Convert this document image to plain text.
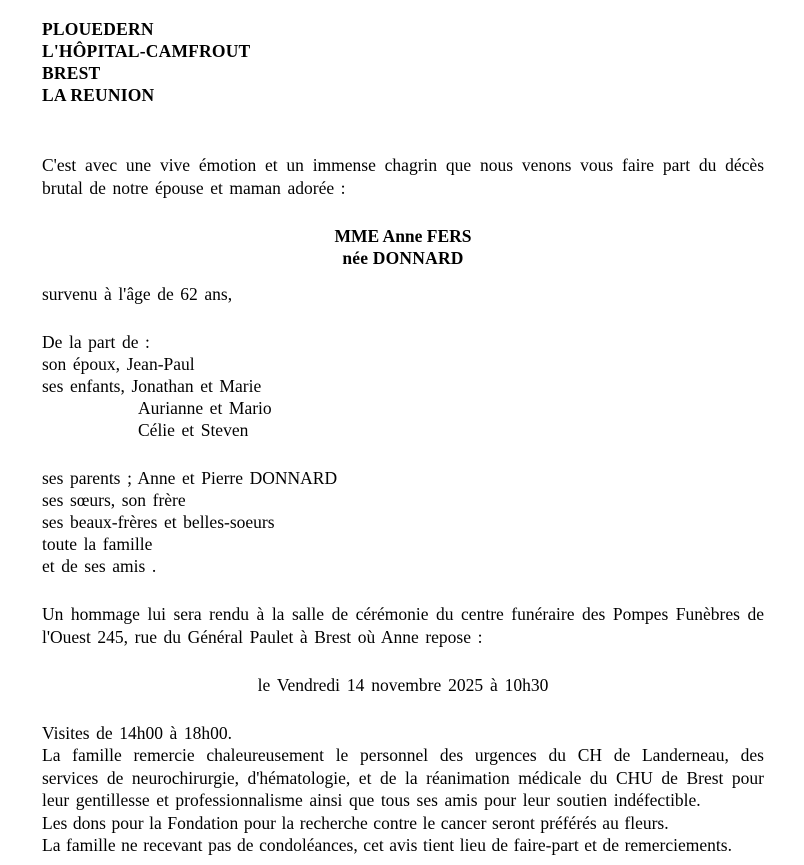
PLOUEDERN
L'HÔPITAL-CAMFROUT
BREST
LA REUNION
C'est avec une vive émotion et un immense chagrin que nous venons vous faire part du décès brutal de notre épouse et maman adorée :
MME Anne FERS
née DONNARD
survenu à l'âge de 62 ans,
De la part de :
son époux, Jean-Paul
ses enfants, Jonathan et Marie
Aurianne et Mario
Célie et Steven
ses parents ; Anne et Pierre DONNARD
ses sœurs, son frère
ses beaux-frères et belles-soeurs
toute la famille
et de ses amis .
Un hommage lui sera rendu à la salle de cérémonie du centre funéraire des Pompes Funèbres de l'Ouest 245, rue du Général Paulet à Brest où Anne repose :
le Vendredi 14 novembre 2025 à 10h30
Visites de 14h00 à 18h00.
La famille remercie chaleureusement le personnel des urgences du CH de Landerneau, des services de neurochirurgie, d'hématologie, et de la réanimation médicale du CHU de Brest pour leur gentillesse et professionnalisme ainsi que tous ses amis pour leur soutien indéfectible.
Les dons pour la Fondation pour la recherche contre le cancer seront préférés au fleurs.
La famille ne recevant pas de condoléances, cet avis tient lieu de faire-part et de remerciements.
